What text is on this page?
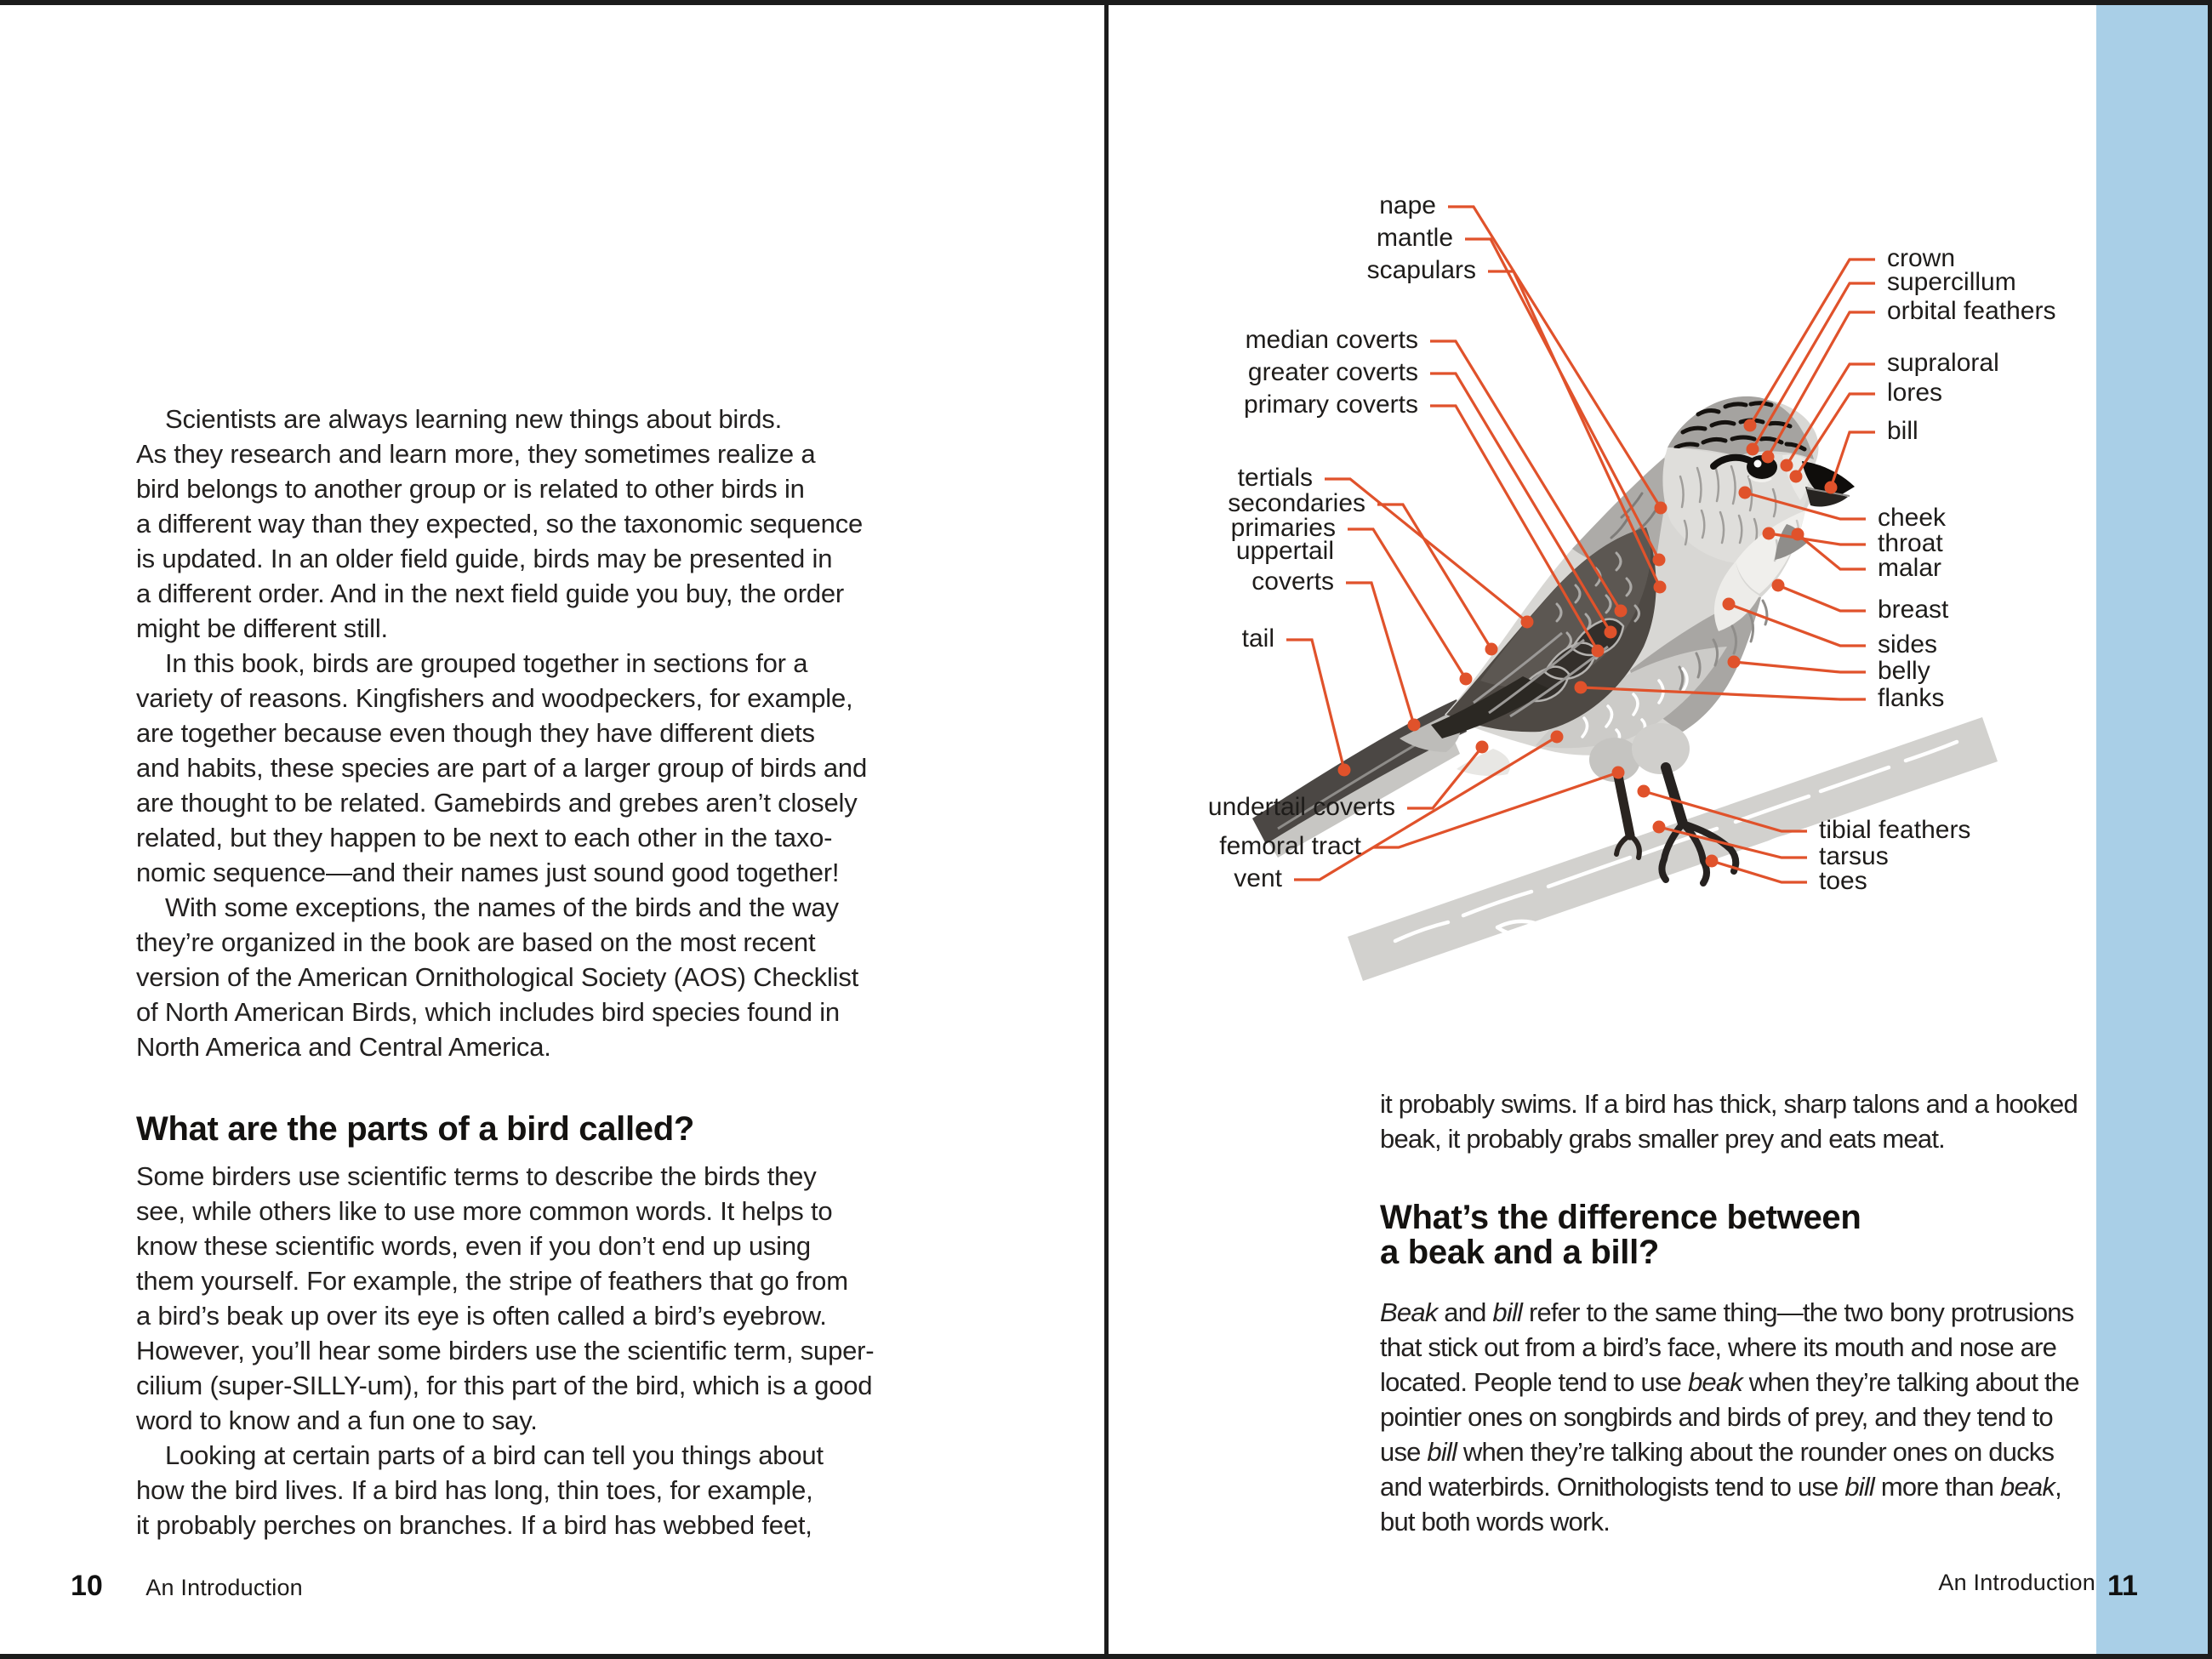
Scientists are always learning new things about birds.
As they research and learn more, they sometimes realize a
bird belongs to another group or is related to other birds in
a different way than they expected, so the taxonomic sequence
is updated. In an older field guide, birds may be presented in
a different order. And in the next field guide you buy, the order
might be different still.
In this book, birds are grouped together in sections for a
variety of reasons. Kingfishers and woodpeckers, for example,
are together because even though they have different diets
and habits, these species are part of a larger group of birds and
are thought to be related. Gamebirds and grebes aren’t closely
related, but they happen to be next to each other in the taxo-
nomic sequence—and their names just sound good together!
With some exceptions, the names of the birds and the way
they’re organized in the book are based on the most recent
version of the American Ornithological Society (AOS) Checklist
of North American Birds, which includes bird species found in
North America and Central America.
What are the parts of a bird called?
Some birders use scientific terms to describe the birds they
see, while others like to use more common words. It helps to
know these scientific words, even if you don’t end up using
them yourself. For example, the stripe of feathers that go from
a bird’s beak up over its eye is often called a bird’s eyebrow.
However, you’ll hear some birders use the scientific term, super-
cilium (super-SILLY-um), for this part of the bird, which is a good
word to know and a fun one to say.
Looking at certain parts of a bird can tell you things about
how the bird lives. If a bird has long, thin toes, for example,
it probably perches on branches. If a bird has webbed feet,
10 An Introduction
it probably swims. If a bird has thick, sharp talons and a hooked
beak, it probably grabs smaller prey and eats meat.
What’s the difference between
a beak and a bill?
Beak and bill refer to the same thing—the two bony protrusions
that stick out from a bird’s face, where its mouth and nose are
located. People tend to use beak when they’re talking about the
pointier ones on songbirds and birds of prey, and they tend to
use bill when they’re talking about the rounder ones on ducks
and waterbirds. Ornithologists tend to use bill more than beak,
but both words work.
An Introduction 11
nape
mantle
scapulars
median coverts
greater coverts
primary coverts
tertials
secondaries
primaries
uppertail
coverts
tail
undertail coverts
femoral tract
vent
crown
supercillum
orbital feathers
supraloral
lores
bill
cheek
throat
malar
breast
sides
belly
flanks
tibial feathers
tarsus
toes
